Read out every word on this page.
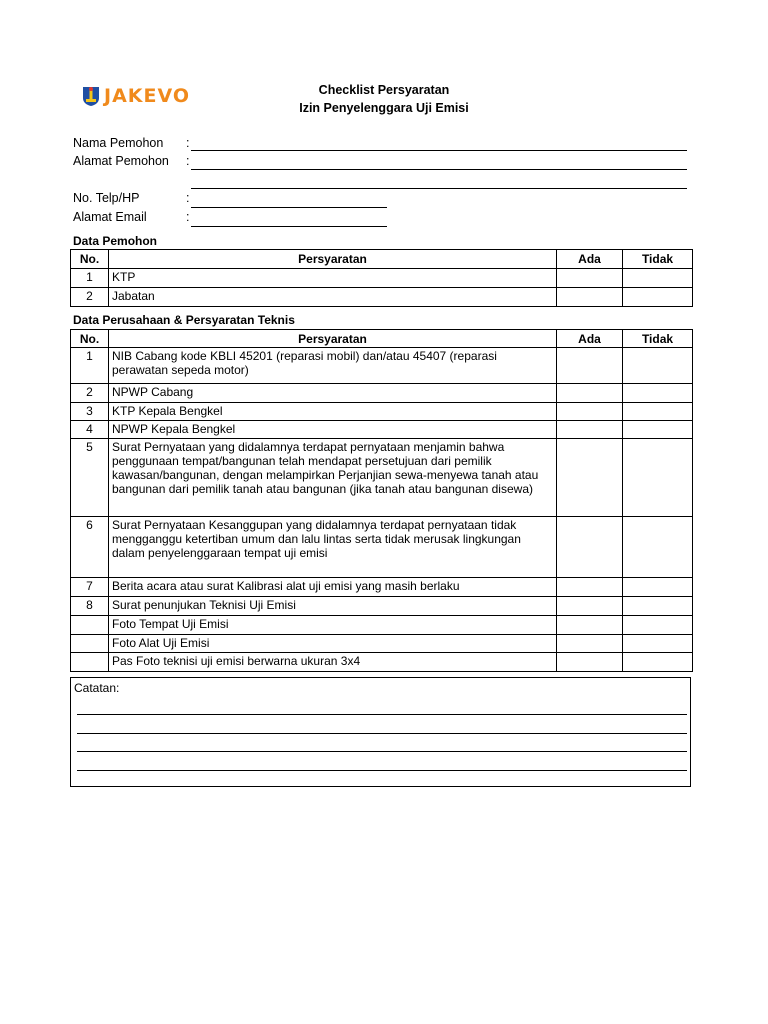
JAKEVO	Checklist Persyaratan
Izin Penyelenggara Uji Emisi
Nama Pemohon :
Alamat Pemohon :
No. Telp/HP	:
Alamat Email	:
Data Pemohon
No.	Persyaratan	Ada	Tidak
1	KTP		
2	Jabatan		
Data Perusahaan & Persyaratan Teknis
No.	Persyaratan	Ada	Tidak
1	NIB Cabang kode KBLI 45201 (reparasi mobil) dan/atau 45407 (reparasi perawatan sepeda motor)		
2	NPWP Cabang		
3	KTP Kepala Bengkel		
4	NPWP Kepala Bengkel		
5	Surat Pernyataan yang didalamnya terdapat pernyataan menjamin bahwa penggunaan tempat/bangunan telah mendapat persetujuan dari pemilik kawasan/bangunan, dengan melampirkan Perjanjian sewa-menyewa tanah atau bangunan dari pemilik tanah atau bangunan (jika tanah atau bangunan disewa)		
6	Surat Pernyataan Kesanggupan yang didalamnya terdapat pernyataan tidak mengganggu ketertiban umum dan lalu lintas serta tidak merusak lingkungan dalam penyelenggaraan tempat uji emisi		
7	Berita acara atau surat Kalibrasi alat uji emisi yang masih berlaku		
8	Surat penunjukan Teknisi Uji Emisi		
	Foto Tempat Uji Emisi		
	Foto Alat Uji Emisi		
	Pas Foto teknisi uji emisi berwarna ukuran 3x4		
Catatan:
